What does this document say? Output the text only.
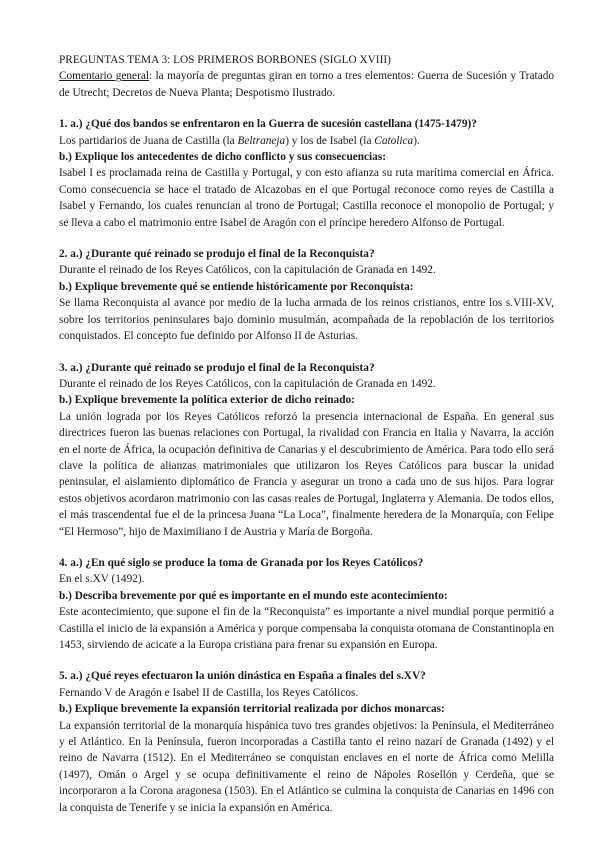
PREGUNTAS TEMA 3: LOS PRIMEROS BORBONES (SIGLO XVIII)

Comentario general: la mayoría de preguntas giran en torno a tres elementos: Guerra de Sucesión y Tratado de Utrecht; Decretos de Nueva Planta; Despotismo Ilustrado.

1. a.) ¿Qué dos bandos se enfrentaron en la Guerra de sucesión castellana (1475-1479)?

Los partidarios de Juana de Castilla (la Beltraneja) y los de Isabel (la Catolica).

b.) Explique los antecedentes de dicho conflicto y sus consecuencias:

Isabel I es proclamada reina de Castilla y Portugal, y con esto afianza su ruta marítima comercial en África. Como consecuencia se hace el tratado de Alcazobas en el que Portugal reconoce como reyes de Castilla a Isabel y Fernando, los cuales renuncian al trono de Portugal; Castilla reconoce el monopolio de Portugal; y se lleva a cabo el matrimonio entre Isabel de Aragón con el príncipe heredero Alfonso de Portugal.

2. a.) ¿Durante qué reinado se produjo el final de la Reconquista?

Durante el reinado de los Reyes Católicos, con la capitulación de Granada en 1492.

b.) Explique brevemente qué se entiende históricamente por Reconquista:

Se llama Reconquista al avance por medio de la lucha armada de los reinos cristianos, entre los s.VIII-XV, sobre los territorios peninsulares bajo dominio musulmán, acompañada de la repoblación de los territorios conquistados. El concepto fue definido por Alfonso II de Asturias.

3. a.) ¿Durante qué reinado se produjo el final de la Reconquista?

Durante el reinado de los Reyes Católicos, con la capitulación de Granada en 1492.

b.) Explique brevemente la política exterior de dicho reinado:

La unión lograda por los Reyes Católicos reforzó la presencia internacional de España. En general sus directrices fueron las buenas relaciones con Portugal, la rivalidad con Francia en Italia y Navarra, la acción en el norte de África, la ocupación definitiva de Canarias y el descubrimiento de América. Para todo ello será clave la política de alianzas matrimoniales que utilizaron los Reyes Católicos para buscar la unidad peninsular, el aislamiento diplomático de Francia y asegurar un trono a cada uno de sus hijos. Para lograr estos objetivos acordaron matrimonio con las casas reales de Portugal, Inglaterra y Alemania. De todos ellos, el más trascendental fue el de la princesa Juana “La Loca”, finalmente heredera de la Monarquía, con Felipe “El Hermoso”, hijo de Maximiliano I de Austria y María de Borgoña.

4. a.) ¿En qué siglo se produce la toma de Granada por los Reyes Católicos?

En el s.XV (1492).

b.) Describa brevemente por qué es importante en el mundo este acontecimiento:

Este acontecimiento, que supone el fin de la “Reconquista” es importante a nivel mundial porque permitió a Castilla el inicio de la expansión a América y porque compensaba la conquista otomana de Constantinopla en 1453, sirviendo de acicate a la Europa cristiana para frenar su expansión en Europa.

5. a.) ¿Qué reyes efectuaron la unión dinástica en España a finales del s.XV?

Fernando V de Aragón e Isabel II de Castilla, los Reyes Católicos.

b.) Explique brevemente la expansión territorial realizada por dichos monarcas:

La expansión territorial de la monarquía hispánica tuvo tres grandes objetivos: la Península, el Mediterráneo y el Atlántico. En la Península, fueron incorporadas a Castilla tanto el reino nazarí de Granada (1492) y el reino de Navarra (1512). En el Mediterráneo se conquistan enclaves en el norte de África como Melilla (1497), Omán o Argel y se ocupa definitivamente el reino de Nápoles Rosellón y Cerdeña, que se incorporaron a la Corona aragonesa (1503). En el Atlántico se culmina la conquista de Canarias en 1496 con la conquista de Tenerife y se inicia la expansión en América.
